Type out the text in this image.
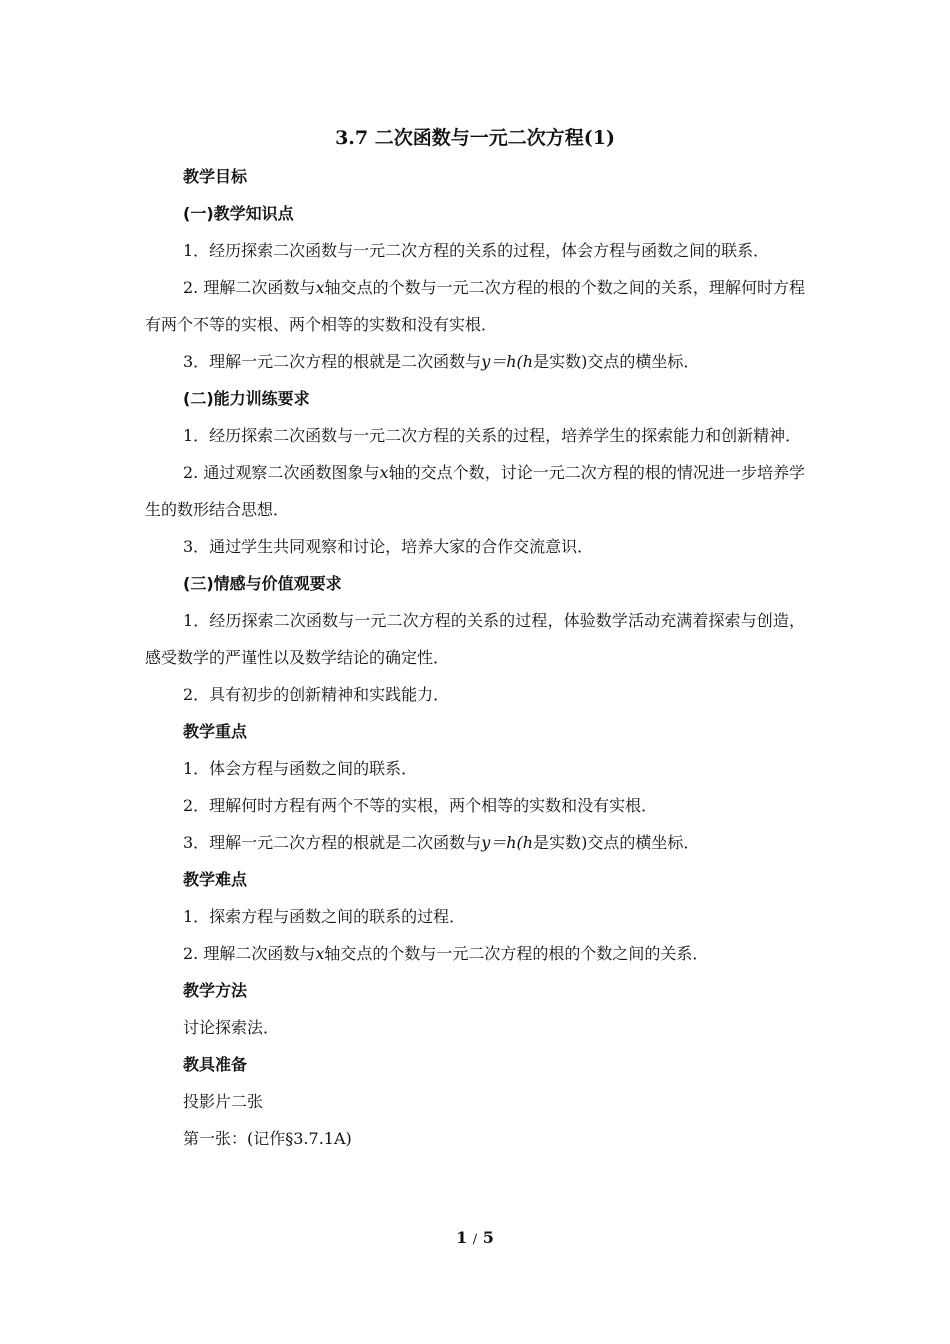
3.7 二次函数与一元二次方程(1)

教学目标

(一)教学知识点

1．经历探索二次函数与一元二次方程的关系的过程，体会方程与函数之间的联系．

2. 理解二次函数与x轴交点的个数与一元二次方程的根的个数之间的关系，理解何时方程有两个不等的实根、两个相等的实数和没有实根．

3．理解一元二次方程的根就是二次函数与y＝h(h是实数)交点的横坐标．

(二)能力训练要求

1．经历探索二次函数与一元二次方程的关系的过程，培养学生的探索能力和创新精神．

2. 通过观察二次函数图象与x轴的交点个数，讨论一元二次方程的根的情况进一步培养学生的数形结合思想．

3．通过学生共同观察和讨论，培养大家的合作交流意识．

(三)情感与价值观要求

1．经历探索二次函数与一元二次方程的关系的过程，体验数学活动充满着探索与创造，感受数学的严谨性以及数学结论的确定性．

2．具有初步的创新精神和实践能力．

教学重点

1．体会方程与函数之间的联系．

2．理解何时方程有两个不等的实根，两个相等的实数和没有实根．

3．理解一元二次方程的根就是二次函数与y＝h(h是实数)交点的横坐标．

教学难点

1．探索方程与函数之间的联系的过程．

2. 理解二次函数与x轴交点的个数与一元二次方程的根的个数之间的关系．

教学方法

讨论探索法．

教具准备

投影片二张

第一张：(记作§3.7.1A)

1 / 5
